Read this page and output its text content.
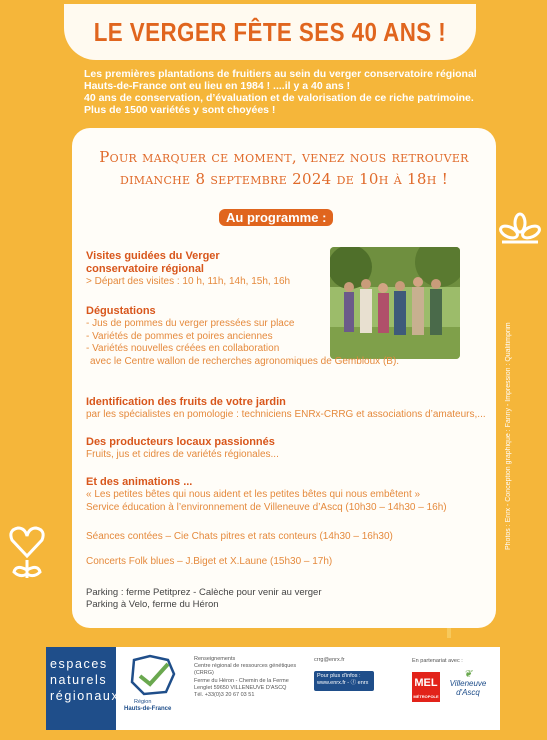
LE VERGER FÊTE SES 40 ANS !
Les premières plantations de fruitiers au sein du verger conservatoire régional
Hauts-de-France ont eu lieu en 1984 ! ....il y a 40 ans !
40 ans de conservation, d’évaluation et de valorisation de ce riche patrimoine.
Plus de 1500 variétés y sont choyées !
Pour marquer ce moment, venez nous retrouver
dimanche 8 septembre 2024 de 10h à 18h !
Au programme :
Visites guidées du Verger
conservatoire régional
> Départ des visites : 10 h, 11h, 14h, 15h, 16h
Dégustations
- Jus de pommes du verger pressées sur place
- Variétés de pommes et poires anciennes
- Variétés nouvelles créées en collaboration
avec le Centre wallon de recherches agronomiques de Gembloux (B).
Identification des fruits de votre jardin
par les spécialistes en pomologie : techniciens ENRx-CRRG et associations d’amateurs,...
Des producteurs locaux passionnés
Fruits, jus et cidres de variétés régionales...
Et des animations ...
« Les petites bêtes qui nous aident et les petites bêtes qui nous embêtent »
Service éducation à l’environnement de Villeneuve d’Ascq (10h30 – 14h30 – 16h)
Séances contées – Cie Chats pitres et rats conteurs (14h30 – 16h30)
Concerts Folk blues – J.Biget et X.Laune (15h30 – 17h)
Parking : ferme Petitprez - Calèche pour venir au verger
Parking à Velo, ferme du Héron
Photos : Enrx - Conception graphique : Fanny - Impression : Qualitimprim
espaces
naturels
régionaux	Région
Hauts-de-France
Renseignements
Centre régional de ressources génétiques
(CRRG)
Ferme du Héron - Chemin de la Ferme
Lenglet 59650 VILLENEUVE D'ASCQ
Tél. +33(0)3 20 67 03 51
crrg@enrx.fr
Pour plus d'infos :
www.enrx.fr - ⓕ enrx
En partenariat avec :
MEL
MÉTROPOLE
❦
Villeneuve
d'Ascq
